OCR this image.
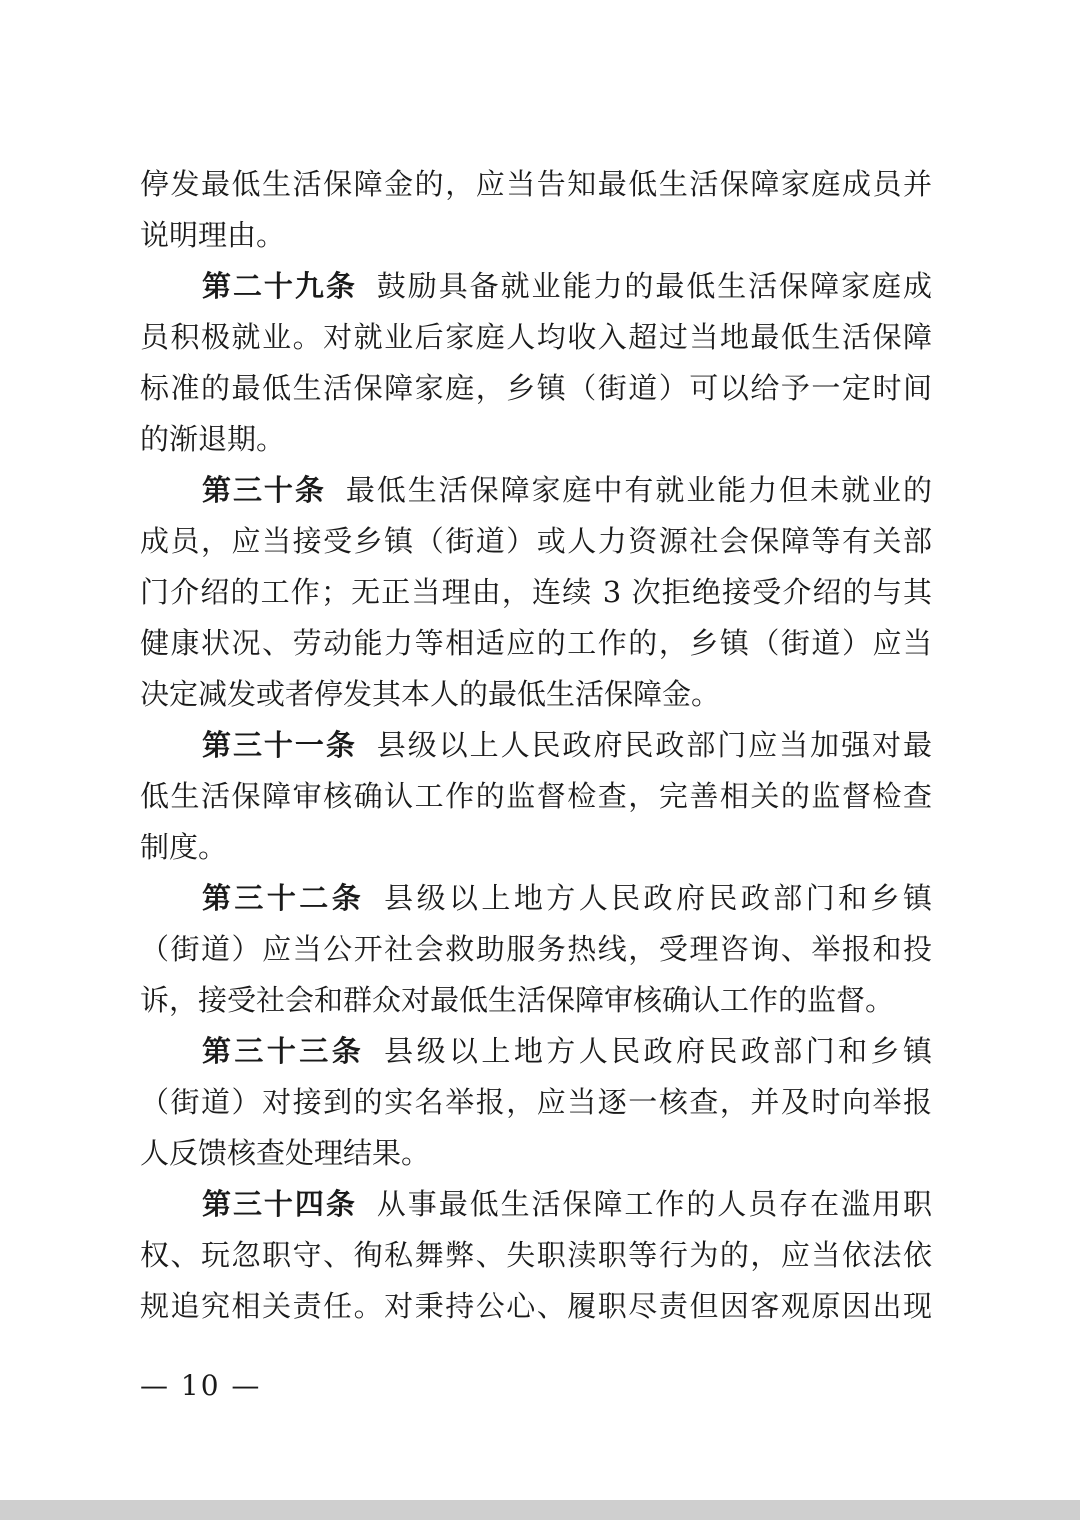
停发最低生活保障金的，应当告知最低生活保障家庭成员并
说明理由。
第二十九条 鼓励具备就业能力的最低生活保障家庭成
员积极就业。对就业后家庭人均收入超过当地最低生活保障
标准的最低生活保障家庭，乡镇（街道）可以给予一定时间
的渐退期。
第三十条 最低生活保障家庭中有就业能力但未就业的
成员，应当接受乡镇（街道）或人力资源社会保障等有关部
门介绍的工作；无正当理由，连续 3 次拒绝接受介绍的与其
健康状况、劳动能力等相适应的工作的，乡镇（街道）应当
决定减发或者停发其本人的最低生活保障金。
第三十一条 县级以上人民政府民政部门应当加强对最
低生活保障审核确认工作的监督检查，完善相关的监督检查
制度。
第三十二条 县级以上地方人民政府民政部门和乡镇
（街道）应当公开社会救助服务热线，受理咨询、举报和投
诉，接受社会和群众对最低生活保障审核确认工作的监督。
第三十三条 县级以上地方人民政府民政部门和乡镇
（街道）对接到的实名举报，应当逐一核查，并及时向举报
人反馈核查处理结果。
第三十四条 从事最低生活保障工作的人员存在滥用职
权、玩忽职守、徇私舞弊、失职渎职等行为的，应当依法依
规追究相关责任。对秉持公心、履职尽责但因客观原因出现
— 10 —
